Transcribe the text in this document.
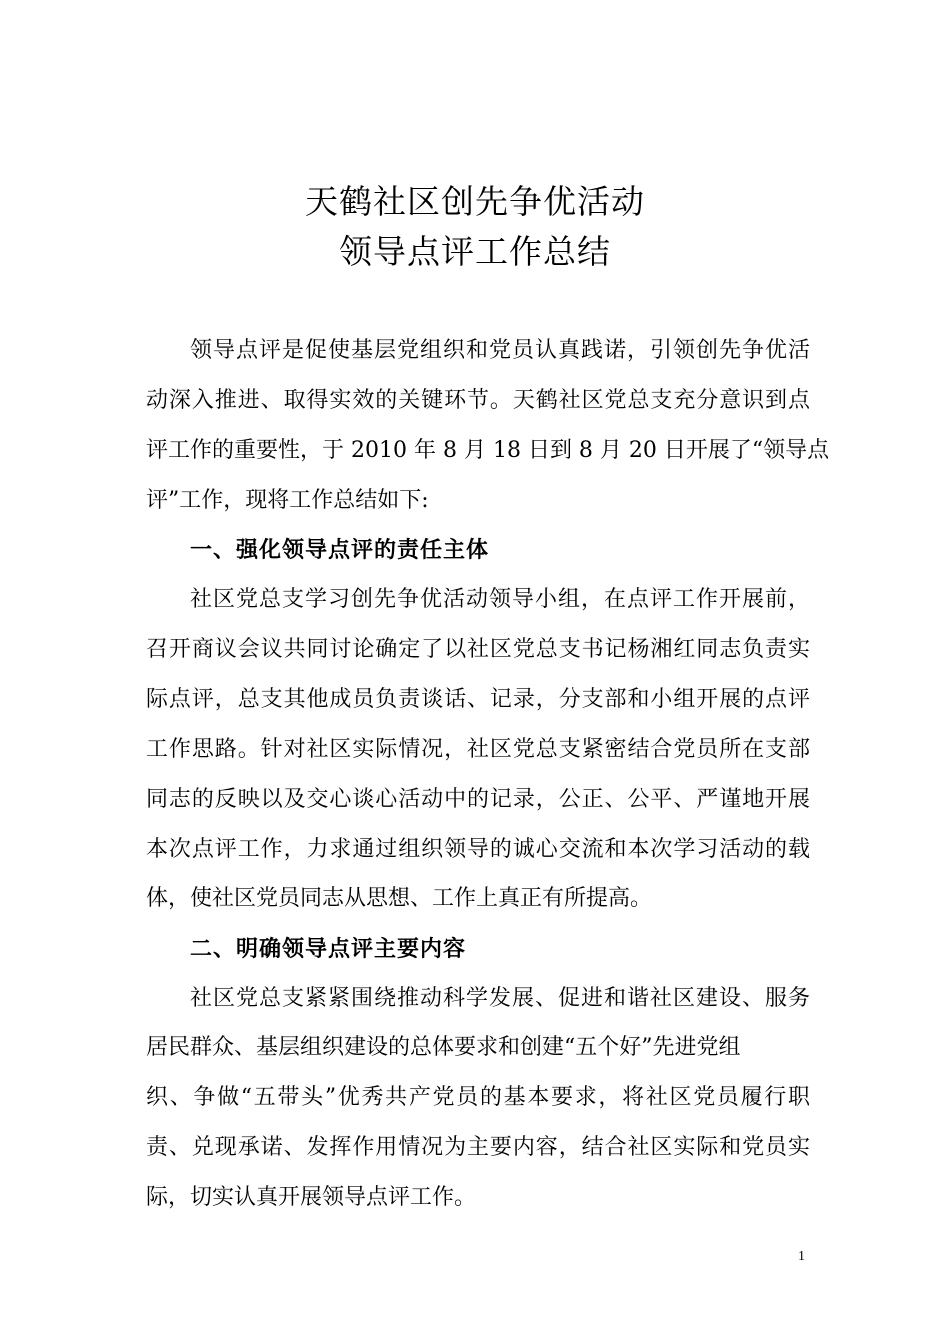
天鹤社区创先争优活动
领导点评工作总结
领导点评是促使基层党组织和党员认真践诺，引领创先争优活
动深入推进、取得实效的关键环节。天鹤社区党总支充分意识到点
评工作的重要性，于 2010 年 8 月 18 日到 8 月 20 日开展了“领导点
评”工作，现将工作总结如下:
一、强化领导点评的责任主体
社区党总支学习创先争优活动领导小组，在点评工作开展前，
召开商议会议共同讨论确定了以社区党总支书记杨湘红同志负责实
际点评，总支其他成员负责谈话、记录，分支部和小组开展的点评
工作思路。针对社区实际情况，社区党总支紧密结合党员所在支部
同志的反映以及交心谈心活动中的记录，公正、公平、严谨地开展
本次点评工作，力求通过组织领导的诚心交流和本次学习活动的载
体，使社区党员同志从思想、工作上真正有所提高。
二、明确领导点评主要内容
社区党总支紧紧围绕推动科学发展、促进和谐社区建设、服务
居民群众、基层组织建设的总体要求和创建“五个好”先进党组
织、争做“五带头”优秀共产党员的基本要求，将社区党员履行职
责、兑现承诺、发挥作用情况为主要内容，结合社区实际和党员实
际，切实认真开展领导点评工作。
1
